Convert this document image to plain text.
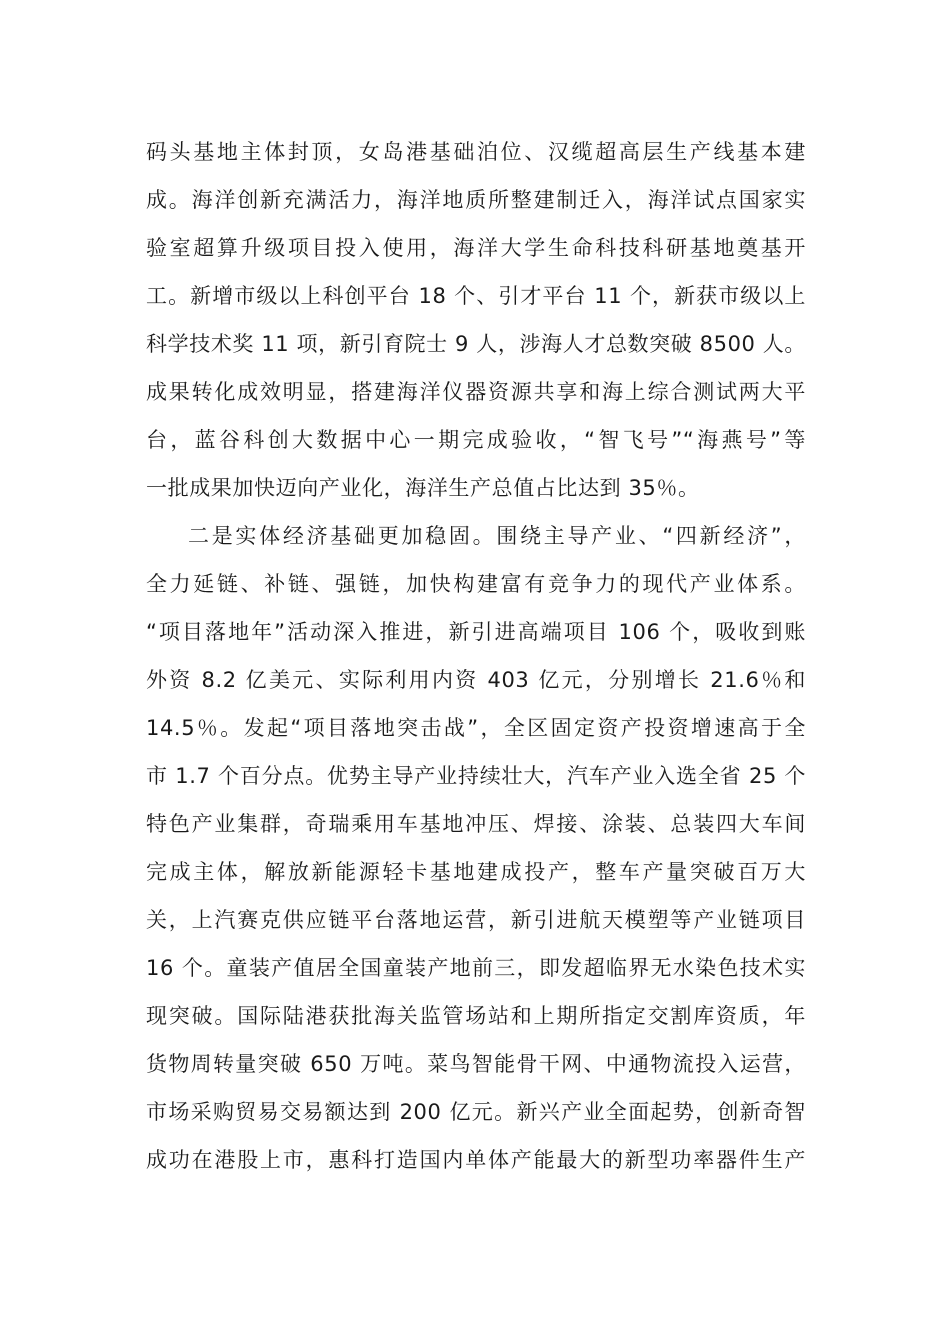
码头基地主体封顶，女岛港基础泊位、汉缆超高层生产线基本建
成。海洋创新充满活力，海洋地质所整建制迁入，海洋试点国家实
验室超算升级项目投入使用，海洋大学生命科技科研基地奠基开
工。新增市级以上科创平台 18 个、引才平台 11 个，新获市级以上
科学技术奖 11 项，新引育院士 9 人，涉海人才总数突破 8500 人。
成果转化成效明显，搭建海洋仪器资源共享和海上综合测试两大平
台，蓝谷科创大数据中心一期完成验收，“智飞号”“海燕号”等
一批成果加快迈向产业化，海洋生产总值占比达到 35％。
二是实体经济基础更加稳固。围绕主导产业、“四新经济”，
全力延链、补链、强链，加快构建富有竞争力的现代产业体系。
“项目落地年”活动深入推进，新引进高端项目 106 个，吸收到账
外资 8.2 亿美元、实际利用内资 403 亿元，分别增长 21.6％和
14.5％。发起“项目落地突击战”，全区固定资产投资增速高于全
市 1.7 个百分点。优势主导产业持续壮大，汽车产业入选全省 25 个
特色产业集群，奇瑞乘用车基地冲压、焊接、涂装、总装四大车间
完成主体，解放新能源轻卡基地建成投产，整车产量突破百万大
关，上汽赛克供应链平台落地运营，新引进航天模塑等产业链项目
16 个。童装产值居全国童装产地前三，即发超临界无水染色技术实
现突破。国际陆港获批海关监管场站和上期所指定交割库资质，年
货物周转量突破 650 万吨。菜鸟智能骨干网、中通物流投入运营，
市场采购贸易交易额达到 200 亿元。新兴产业全面起势，创新奇智
成功在港股上市，惠科打造国内单体产能最大的新型功率器件生产
